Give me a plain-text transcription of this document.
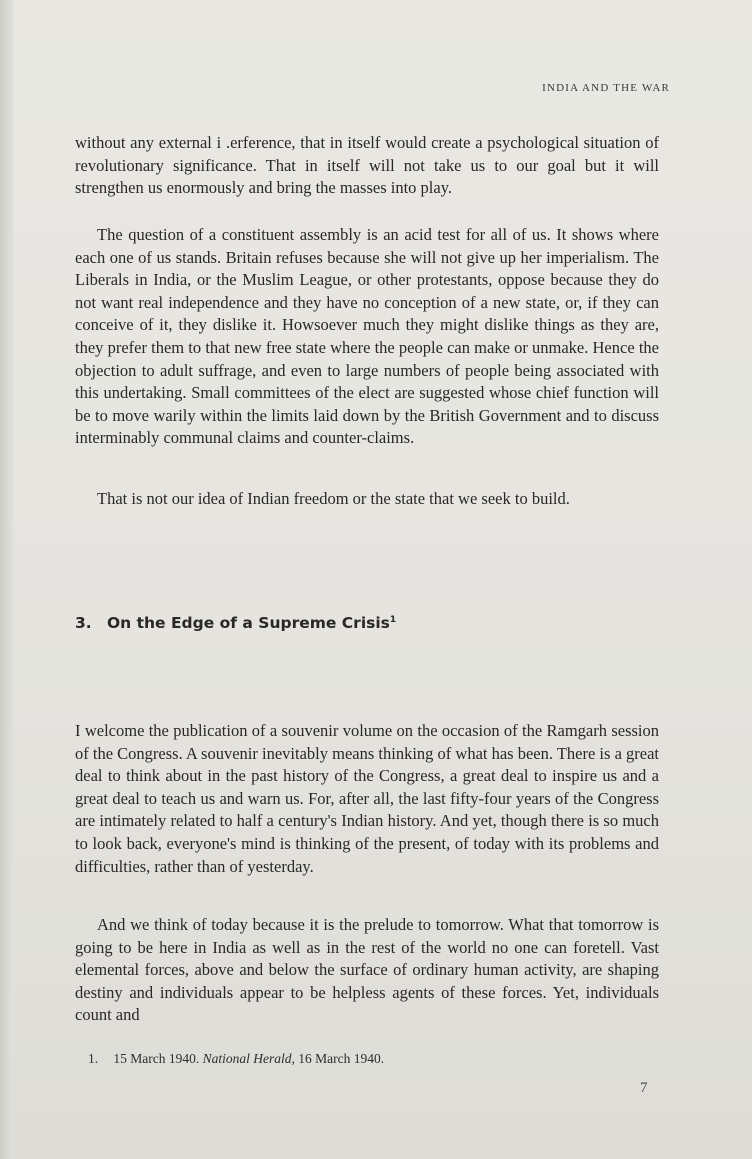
INDIA AND THE WAR

without any external i .erference, that in itself would create a psychological situation of revolutionary significance. That in itself will not take us to our goal but it will strengthen us enormously and bring the masses into play.

The question of a constituent assembly is an acid test for all of us. It shows where each one of us stands. Britain refuses because she will not give up her imperialism. The Liberals in India, or the Muslim League, or other protestants, oppose because they do not want real independence and they have no conception of a new state, or, if they can conceive of it, they dislike it. Howsoever much they might dislike things as they are, they prefer them to that new free state where the people can make or unmake. Hence the objection to adult suffrage, and even to large numbers of people being associated with this undertaking. Small committees of the elect are suggested whose chief function will be to move warily within the limits laid down by the British Government and to discuss interminably communal claims and counter-claims.

That is not our idea of Indian freedom or the state that we seek to build.

3. On the Edge of a Supreme Crisis$^1$

I welcome the publication of a souvenir volume on the occasion of the Ramgarh session of the Congress. A souvenir inevitably means thinking of what has been. There is a great deal to think about in the past history of the Congress, a great deal to inspire us and a great deal to teach us and warn us. For, after all, the last fifty-four years of the Congress are intimately related to half a century's Indian history. And yet, though there is so much to look back, everyone's mind is thinking of the present, of today with its problems and difficulties, rather than of yesterday.

And we think of today because it is the prelude to tomorrow. What that tomorrow is going to be here in India as well as in the rest of the world no one can foretell. Vast elemental forces, above and below the surface of ordinary human activity, are shaping destiny and individuals appear to be helpless agents of these forces. Yet, individuals count and

1. 15 March 1940. National Herald, 16 March 1940.

7
